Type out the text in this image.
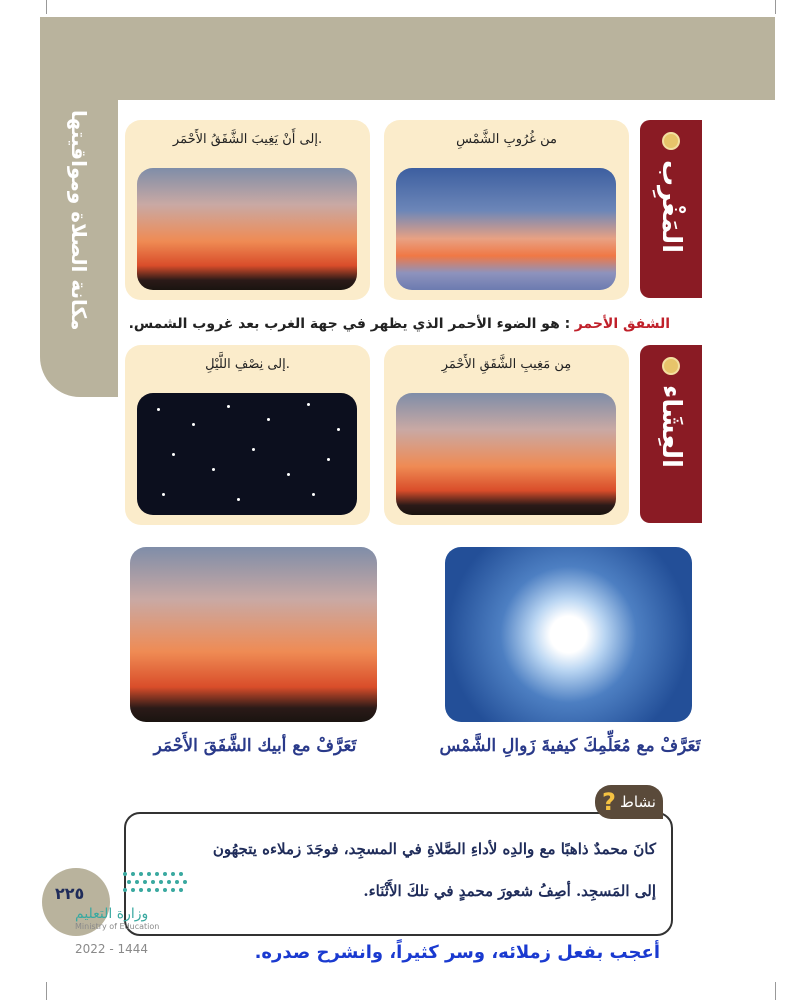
مكانة الصلاة ومواقيتها	المَغْرِب
من غُرُوبِ الشَّمْسِ
إلى أَنْ يَغِيبَ الشَّفَقُ الأَحْمَر.
الشفق الأحمر : هو الضوء الأحمر الذي يظهر في جهة الغرب بعد غروب الشمس.
العِشَاء
مِن مَغِيبِ الشَّفَقِ الأَحْمَرِ
إلى نِصْفِ اللَّيْلِ.
تَعَرَّفْ مع مُعَلِّمِكَ كيفيةَ زَوالِ الشَّمْس
تَعَرَّفْ مع أبيك الشَّفَقَ الأَحْمَر
كانَ محمدٌ ذاهبًا مع والدِه لأداءِ الصَّلاةِ في المسجِد، فوجَدَ زملاءه يتجهُون
إلى المَسجِد. أصِفُ شعورَ محمدٍ في تلكَ الأَثْنَاء.
? نشاط
٢٢٥
وزارة التعليم
Ministry of Education
2022 - 1444	أعجب بفعل زملائه، وسر كثيراً، وانشرح صدره.
